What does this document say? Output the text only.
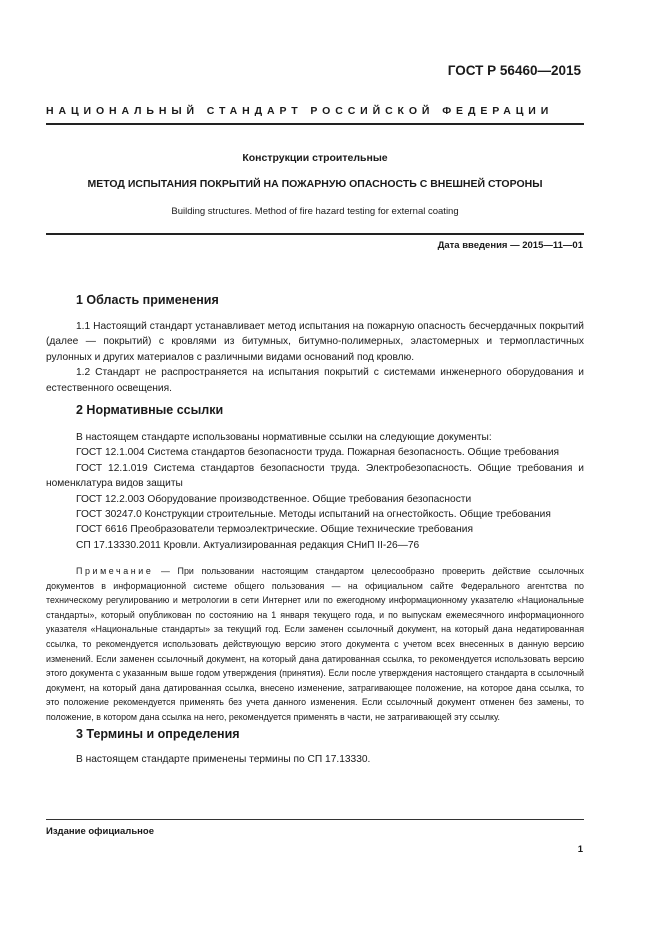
ГОСТ Р 56460—2015
НАЦИОНАЛЬНЫЙ СТАНДАРТ РОССИЙСКОЙ ФЕДЕРАЦИИ
Конструкции строительные
МЕТОД ИСПЫТАНИЯ ПОКРЫТИЙ НА ПОЖАРНУЮ ОПАСНОСТЬ С ВНЕШНЕЙ СТОРОНЫ
Building structures. Method of fire hazard testing for external coating
Дата введения — 2015—11—01
1 Область применения

1.1 Настоящий стандарт устанавливает метод испытания на пожарную опасность бесчердачных покрытий (далее — покрытий) с кровлями из битумных, битумно-полимерных, эластомерных и термопластичных рулонных и других материалов с различными видами оснований под кровлю.

1.2 Стандарт не распространяется на испытания покрытий с системами инженерного оборудования и естественного освещения.

2 Нормативные ссылки

В настоящем стандарте использованы нормативные ссылки на следующие документы:

ГОСТ 12.1.004 Система стандартов безопасности труда. Пожарная безопасность. Общие требования

ГОСТ 12.1.019 Система стандартов безопасности труда. Электробезопасность. Общие требования и номенклатура видов защиты

ГОСТ 12.2.003 Оборудование производственное. Общие требования безопасности

ГОСТ 30247.0 Конструкции строительные. Методы испытаний на огнестойкость. Общие требования

ГОСТ 6616 Преобразователи термоэлектрические. Общие технические требования

СП 17.13330.2011 Кровли. Актуализированная редакция СНиП II-26—76

Примечание — При пользовании настоящим стандартом целесообразно проверить действие ссылочных документов в информационной системе общего пользования — на официальном сайте Федерального агентства по техническому регулированию и метрологии в сети Интернет или по ежегодному информационному указателю «Национальные стандарты», который опубликован по состоянию на 1 января текущего года, и по выпускам ежемесячного информационного указателя «Национальные стандарты» за текущий год. Если заменен ссылочный документ, на который дана недатированная ссылка, то рекомендуется использовать действующую версию этого документа с учетом всех внесенных в данную версию изменений. Если заменен ссылочный документ, на который дана датированная ссылка, то рекомендуется использовать версию этого документа с указанным выше годом утверждения (принятия). Если после утверждения настоящего стандарта в ссылочный документ, на который дана датированная ссылка, внесено изменение, затрагивающее положение, на которое дана ссылка, то это положение рекомендуется применять без учета данного изменения. Если ссылочный документ отменен без замены, то положение, в котором дана ссылка на него, рекомендуется применять в части, не затрагивающей эту ссылку.

3 Термины и определения

В настоящем стандарте применены термины по СП 17.13330.

Издание официальное
1
